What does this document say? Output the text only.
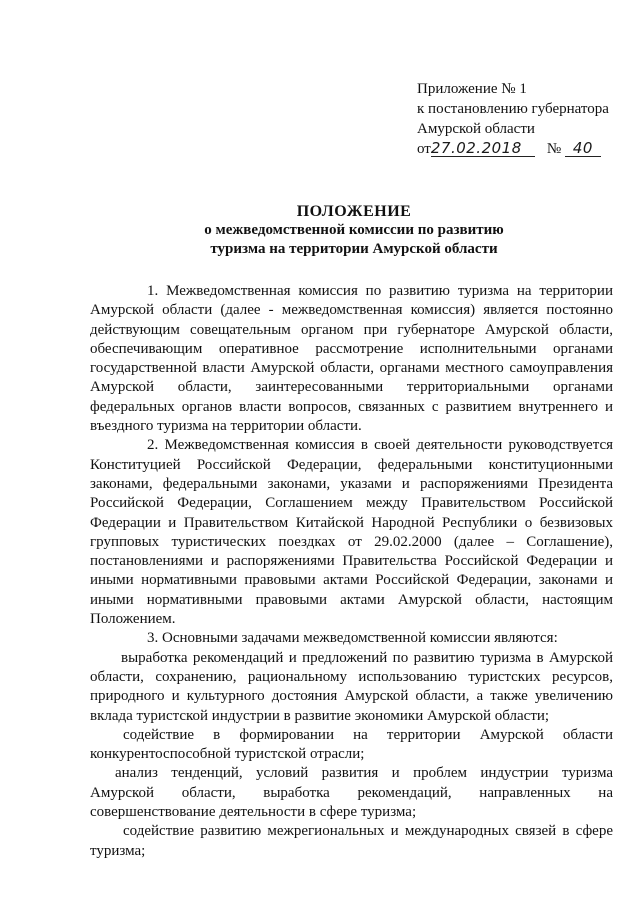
Приложение № 1
к постановлению губернатора
Амурской области
от27.02.2018 № 40
ПОЛОЖЕНИЕ
о межведомственной комиссии по развитию
туризма на территории Амурской области

1. Межведомственная комиссия по развитию туризма на территории Амурской области (далее - межведомственная комиссия) является постоянно действующим совещательным органом при губернаторе Амурской области, обеспечивающим оперативное рассмотрение исполнительными органами государственной власти Амурской области, органами местного самоуправления Амурской области, заинтересованными территориальными органами федеральных органов власти вопросов, связанных с развитием внутреннего и въездного туризма на территории области.

2. Межведомственная комиссия в своей деятельности руководствуется Конституцией Российской Федерации, федеральными конституционными законами, федеральными законами, указами и распоряжениями Президента Российской Федерации, Соглашением между Правительством Российской Федерации и Правительством Китайской Народной Республики о безвизовых групповых туристических поездках от 29.02.2000 (далее – Соглашение), постановлениями и распоряжениями Правительства Российской Федерации и иными нормативными правовыми актами Российской Федерации, законами и иными нормативными правовыми актами Амурской области, настоящим Положением.

3. Основными задачами межведомственной комиссии являются:

выработка рекомендаций и предложений по развитию туризма в Амурской области, сохранению, рациональному использованию туристских ресурсов, природного и культурного достояния Амурской области, а также увеличению вклада туристской индустрии в развитие экономики Амурской области;

содействие в формировании на территории Амурской области конкурентоспособной туристской отрасли;

анализ тенденций, условий развития и проблем индустрии туризма Амурской области, выработка рекомендаций, направленных на совершенствование деятельности в сфере туризма;

содействие развитию межрегиональных и международных связей в сфере туризма;
